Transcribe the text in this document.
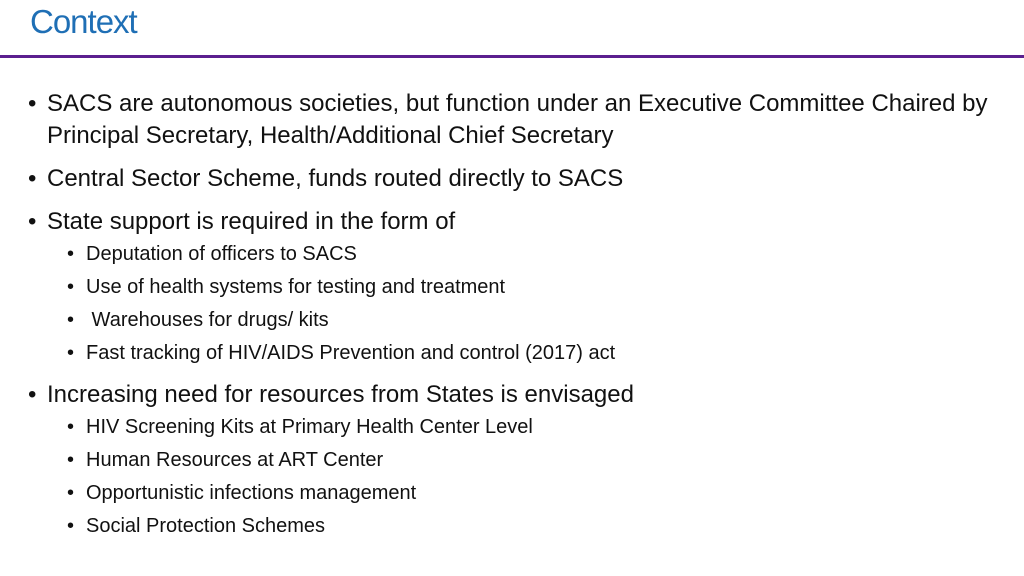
Context
• SACS are autonomous societies, but function under an Executive Committee Chaired by Principal Secretary, Health/Additional Chief Secretary
• Central Sector Scheme, funds routed directly to SACS
• State support is required in the form of
• Deputation of officers to SACS
• Use of health systems for testing and treatment
• Warehouses for drugs/ kits
• Fast tracking of HIV/AIDS Prevention and control (2017) act
• Increasing need for resources from States is envisaged
• HIV Screening Kits at Primary Health Center Level
• Human Resources at ART Center
• Opportunistic infections management
• Social Protection Schemes
